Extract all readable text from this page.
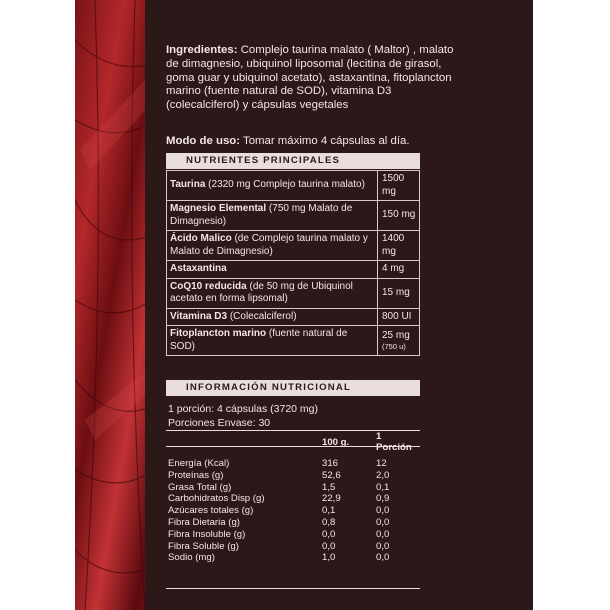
Ingredientes: Complejo taurina malato ( Maltor) , malato de dimagnesio, ubiquinol liposomal (lecitina de girasol, goma guar y ubiquinol acetato), astaxantina, fitoplancton marino (fuente natural de SOD), vitamina D3 (colecalciferol) y cápsulas vegetales

Modo de uso: Tomar máximo 4 cápsulas al día.

NUTRIENTES PRINCIPALES
Taurina (2320 mg Complejo taurina malato)	1500 mg
Magnesio Elemental (750 mg Malato de Dimagnesio)	150 mg
Ácido Malico (de Complejo taurina malato y Malato de Dimagnesio)	1400 mg
Astaxantina	4 mg
CoQ10 reducida (de 50 mg de Ubiquinol acetato en forma lipsomal)	15 mg
Vitamina D3 (Colecalciferol)	800 UI
Fitoplancton marino (fuente natural de SOD)	25 mg
(750 u)
INFORMACIÓN NUTRICIONAL

1 porción: 4 cápsulas (3720 mg)

Porciones Envase: 30

	100 g.	1 Porción
Energía (Kcal)	316	12
Proteínas (g)	52,6	2,0
Grasa Total (g)	1,5	0,1
Carbohidratos Disp (g)	22,9	0,9
Azúcares totales (g)	0,1	0,0
Fibra Dietaria (g)	0,8	0,0
Fibra Insoluble (g)	0,0	0,0
Fibra Soluble (g)	0,0	0,0
Sodio (mg)	1,0	0,0
